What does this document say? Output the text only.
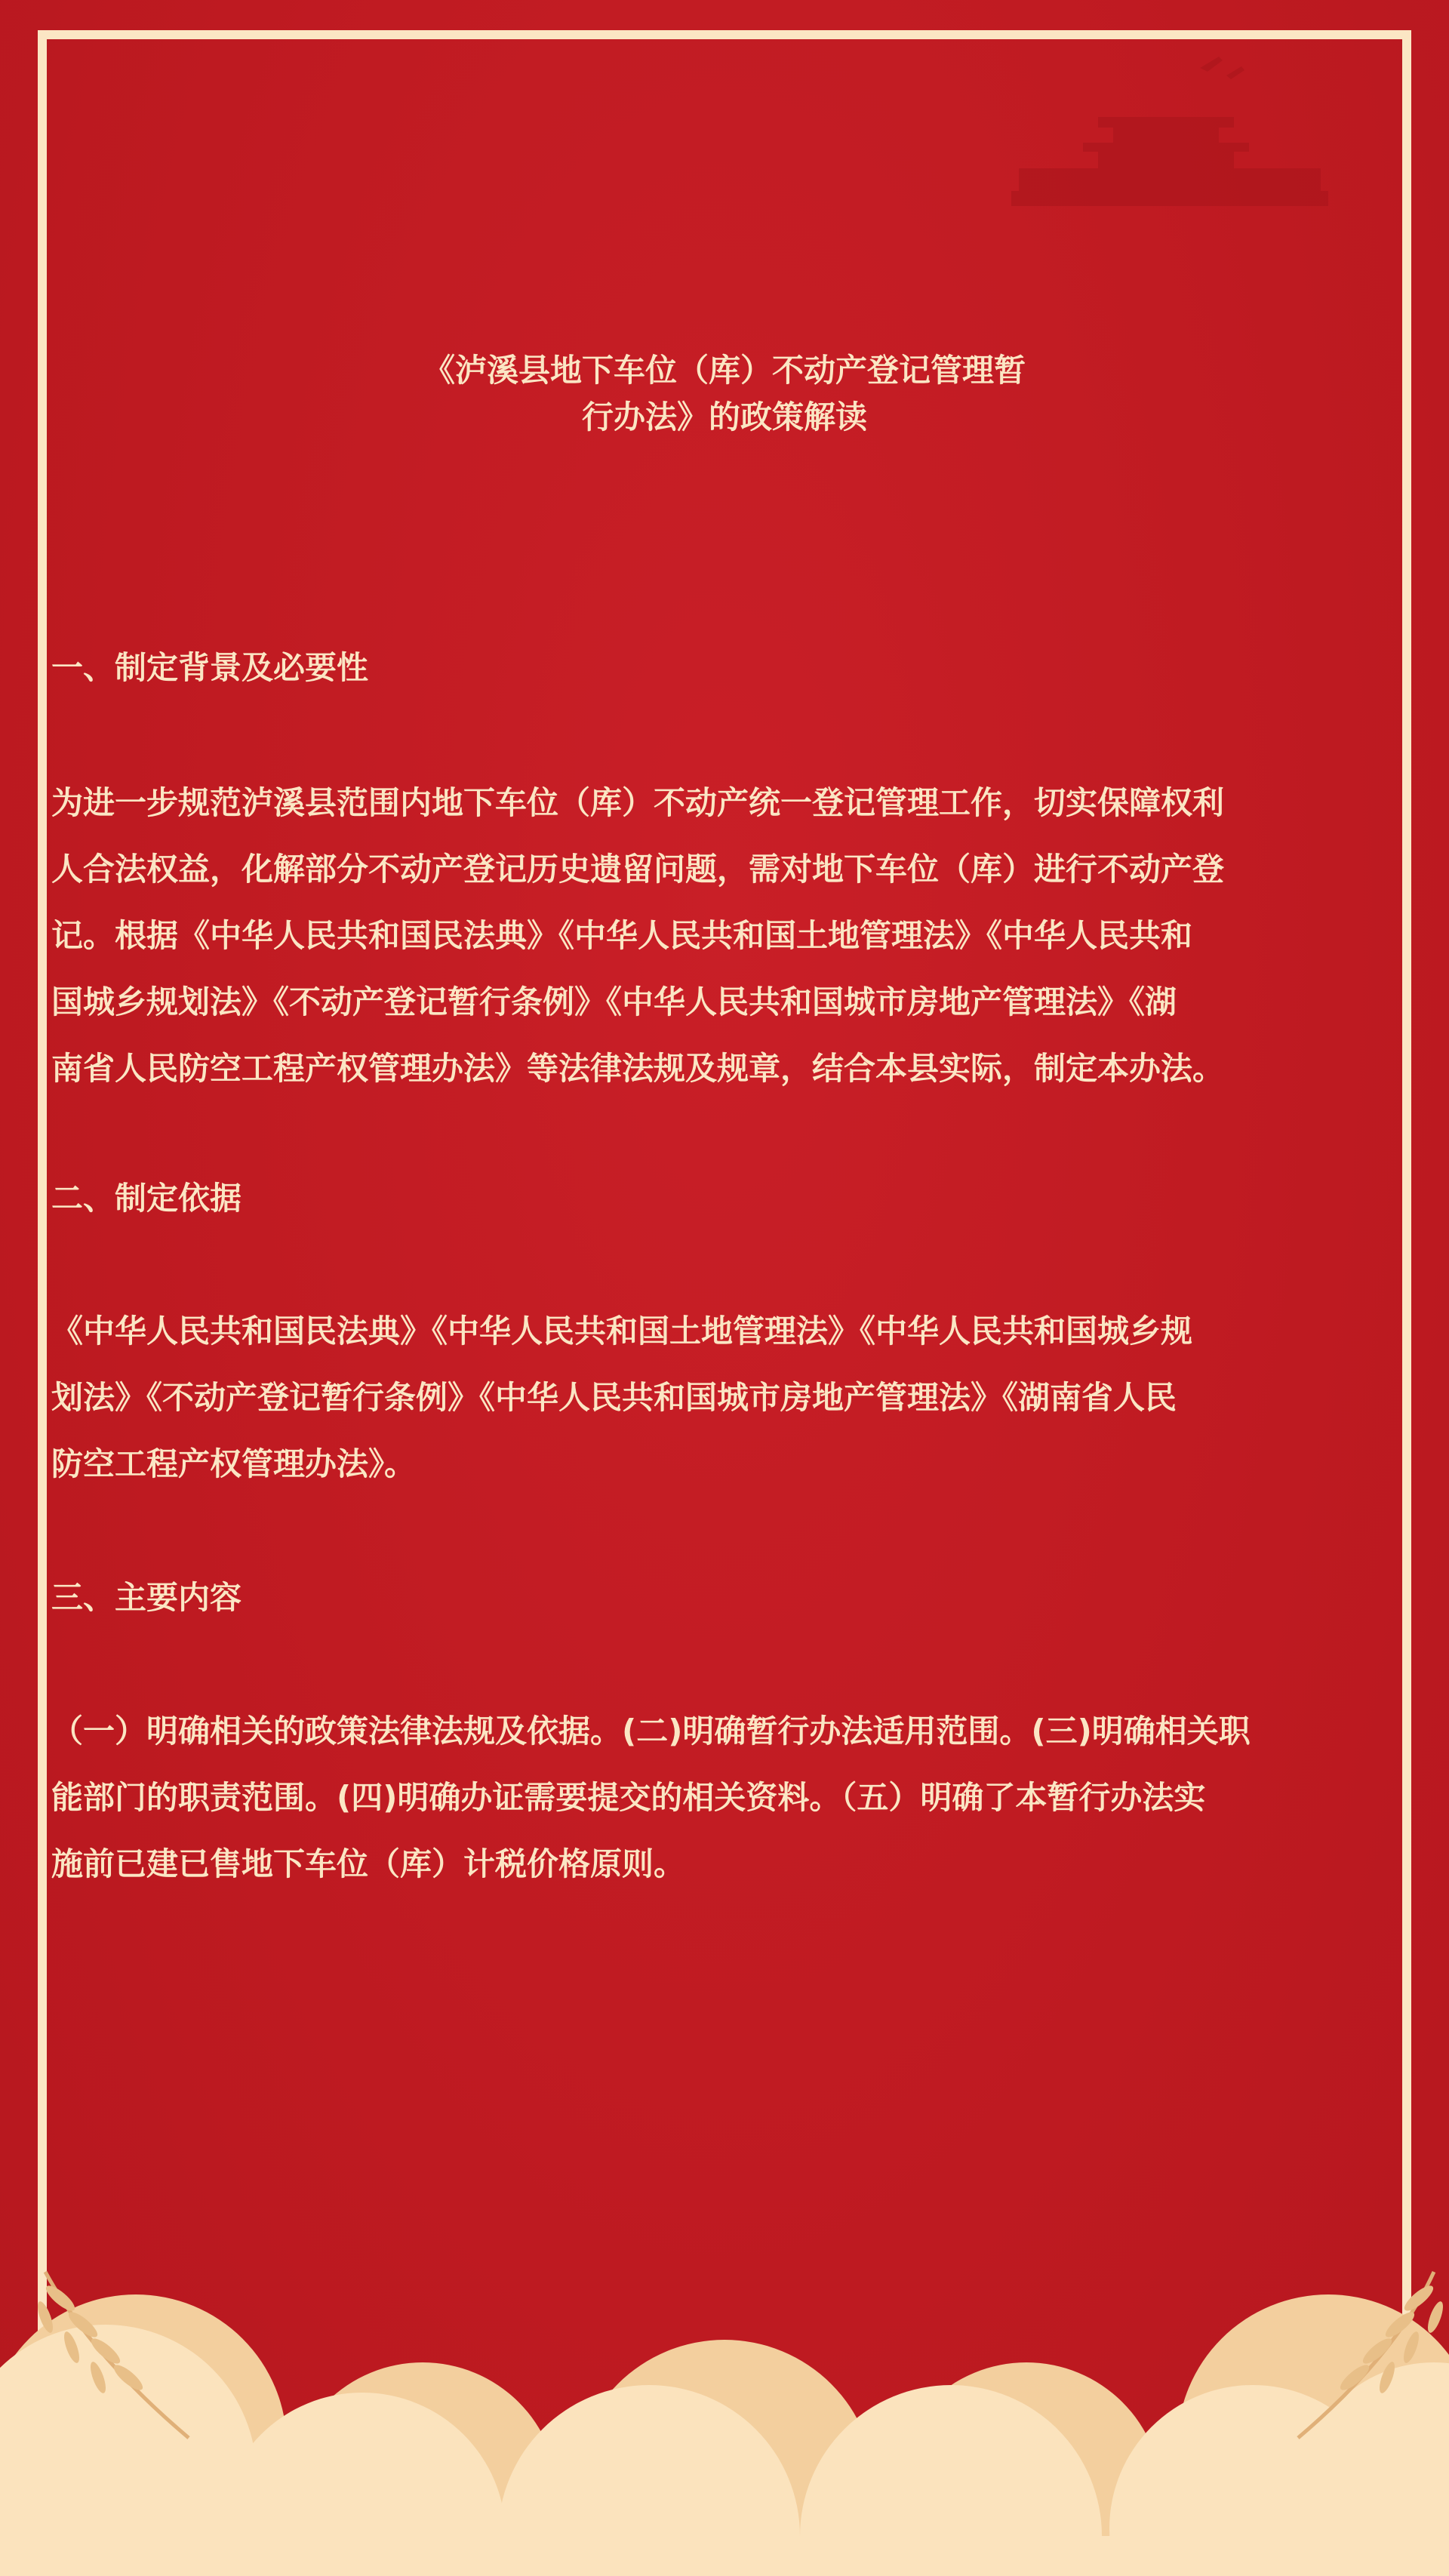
《泸溪县地下车位（库）不动产登记管理暂
行办法》的政策解读
一、制定背景及必要性
为进一步规范泸溪县范围内地下车位（库）不动产统一登记管理工作，切实保障权利
人合法权益，化解部分不动产登记历史遗留问题，需对地下车位（库）进行不动产登
记。根据《中华人民共和国民法典》《中华人民共和国土地管理法》《中华人民共和
国城乡规划法》《不动产登记暂行条例》《中华人民共和国城市房地产管理法》《湖
南省人民防空工程产权管理办法》等法律法规及规章，结合本县实际，制定本办法。
二、制定依据
《中华人民共和国民法典》《中华人民共和国土地管理法》《中华人民共和国城乡规
划法》《不动产登记暂行条例》《中华人民共和国城市房地产管理法》《湖南省人民
防空工程产权管理办法》。
三、主要内容
（一）明确相关的政策法律法规及依据。(二)明确暂行办法适用范围。(三)明确相关职
能部门的职责范围。(四)明确办证需要提交的相关资料。（五）明确了本暂行办法实
施前已建已售地下车位（库）计税价格原则。
